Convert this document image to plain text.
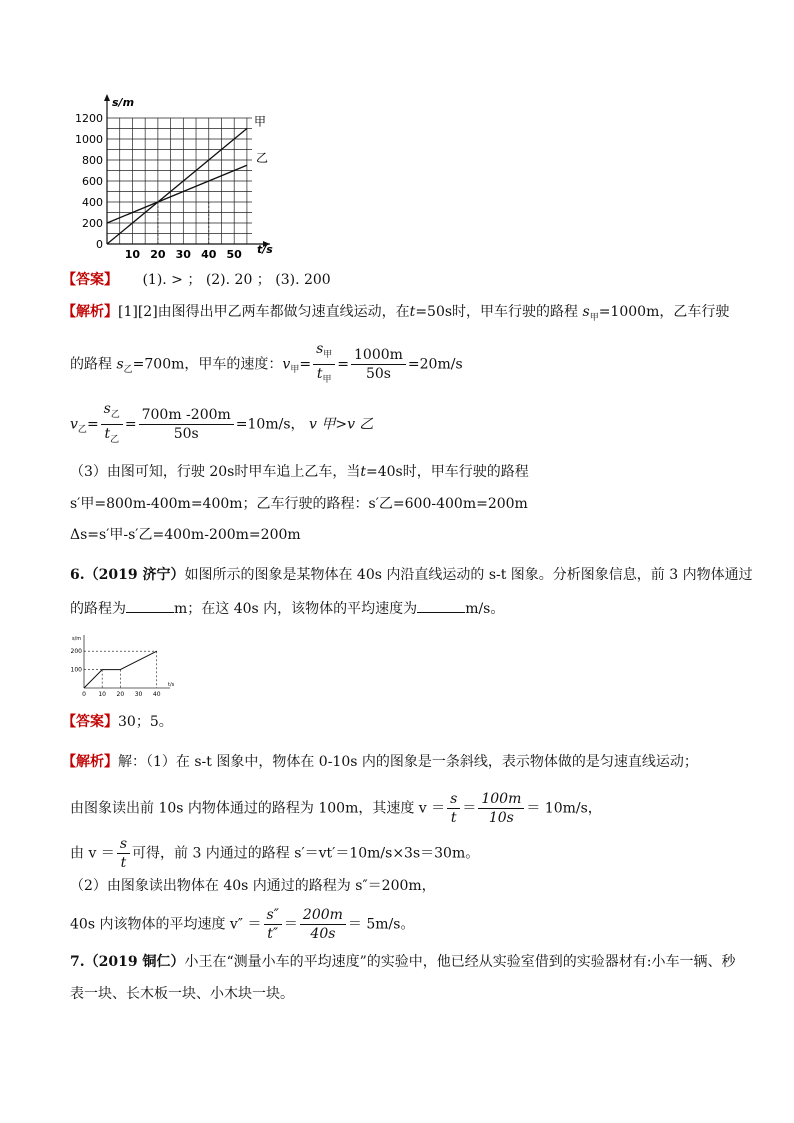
s/m
1200
1000
800
600
400
200
0
10 20 30 40 50 t/s
甲
乙
【答案】 (1). > ； (2). 20 ； (3). 200
【解析】[1][2]由图得出甲乙两车都做匀速直线运动，在t=50s时，甲车行驶的路程 $s_甲=1000m$，乙车行驶
的路程 $s_乙=700m$，甲车的速度：$v_甲= \frac{s_甲}{t_甲} = \frac{1000m}{50s} =20m/s$
$v_乙= \frac{s_乙}{t_乙} = \frac{700m -200m}{50s} =10m/s$， v 甲>v 乙
（3）由图可知，行驶 20s时甲车追上乙车，当t=40s时，甲车行驶的路程
s′甲=800m-400m=400m；乙车行驶的路程：s′乙=600-400m=200m
Δs=s′甲-s′乙=400m-200m=200m
6.（2019 济宁）如图所示的图象是某物体在 40s 内沿直线运动的 s-t 图象。分析图象信息，前 3 内物体通过
的路程为	m；在这 40s 内，该物体的平均速度为	m/s。
s/m
200
100
0 10 20 30 40
t/s
【答案】30；5。
【解析】解：（1）在 s-t 图象中，物体在 0-10s 内的图象是一条斜线，表示物体做的是匀速直线运动；
由图象读出前 10s 内物体通过的路程为 100m，其速度 $v = \frac{s}{t} = \frac{100m}{10s} = 10m/s$，
由 $v = \frac{s}{t}$ 可得，前 3 内通过的路程 s′＝vt′＝10m/s×3s＝30m。
（2）由图象读出物体在 40s 内通过的路程为 s″＝200m，
40s 内该物体的平均速度 $v'' = \frac{s''}{t''} = \frac{200m}{40s} = 5m/s$。
7.（2019 铜仁）小王在“测量小车的平均速度”的实验中，他已经从实验室借到的实验器材有:小车一辆、秒
表一块、长木板一块、小木块一块。
